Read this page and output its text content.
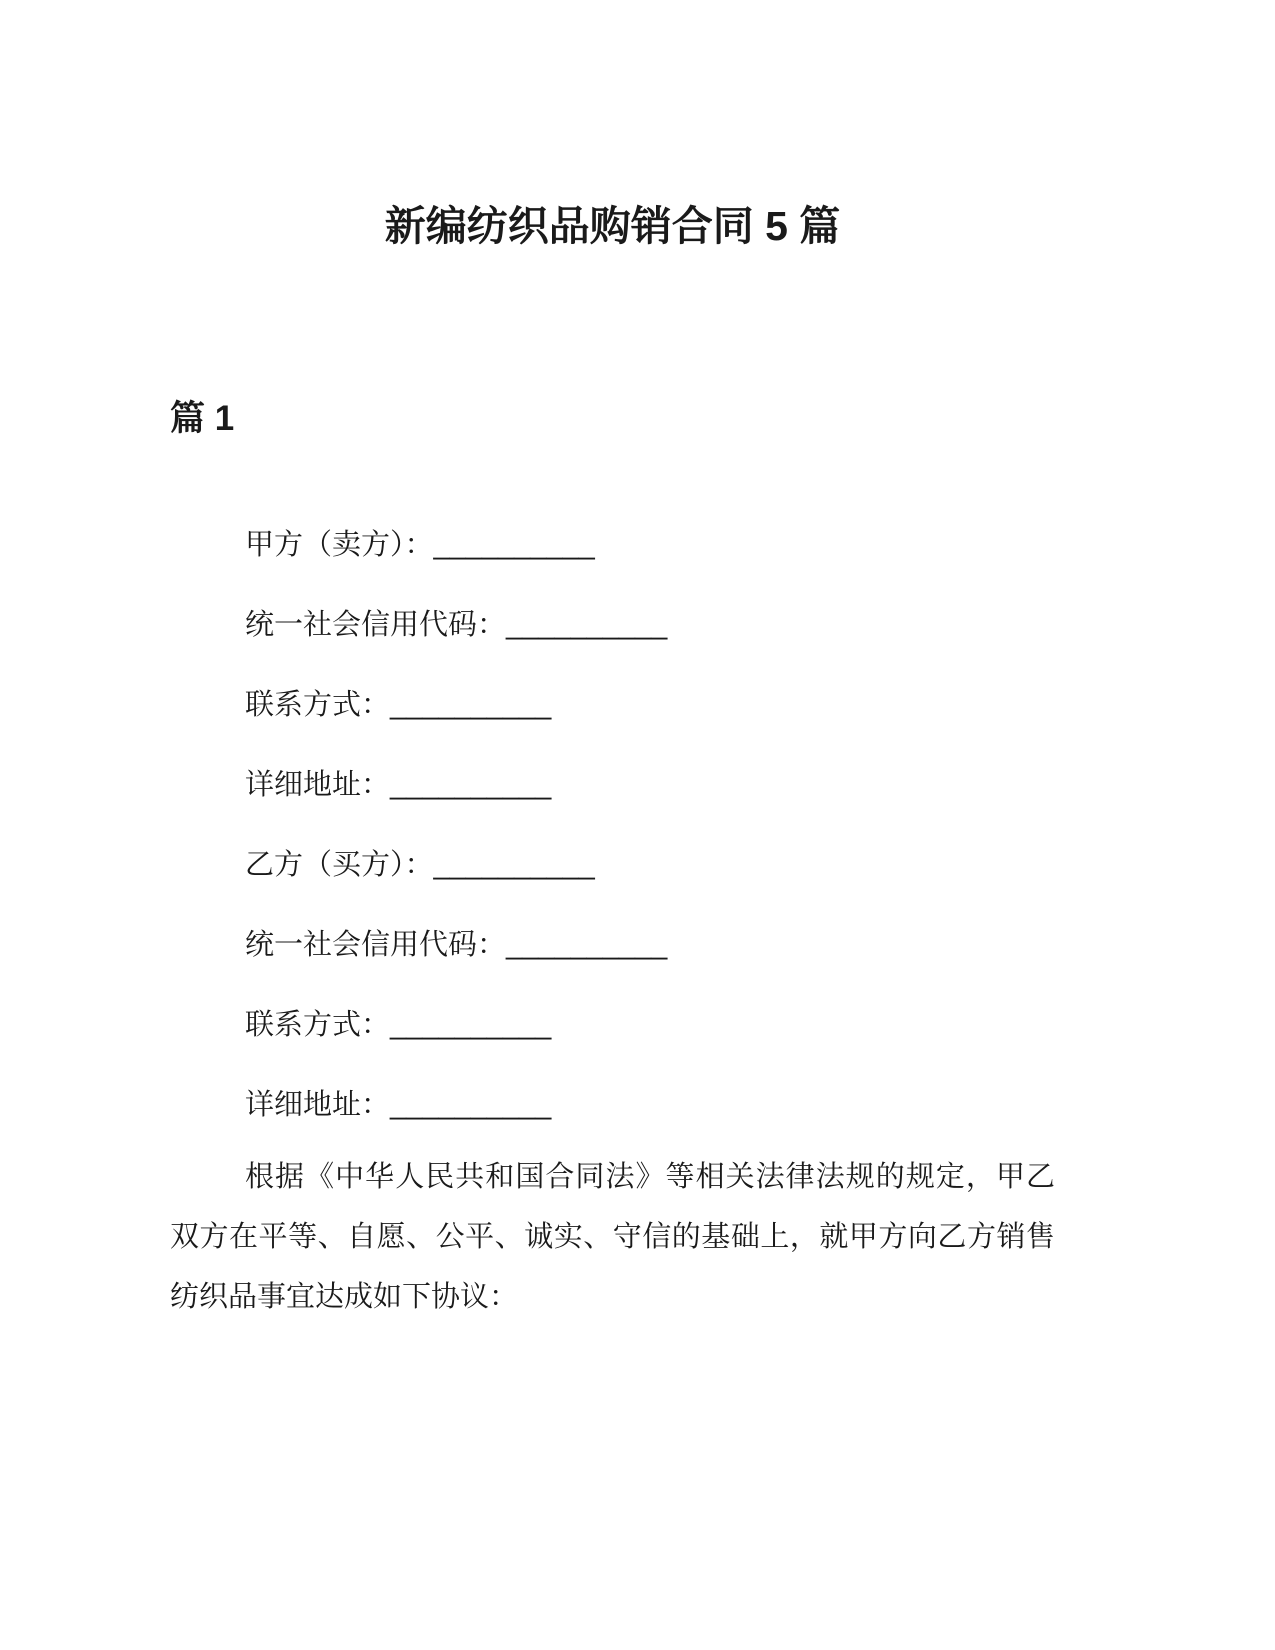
新编纺织品购销合同 5 篇
篇 1

甲方（卖方）：__________

统一社会信用代码：__________

联系方式：__________

详细地址：__________

乙方（买方）：__________

统一社会信用代码：__________

联系方式：__________

详细地址：__________

根据《中华人民共和国合同法》等相关法律法规的规定，甲乙双方在平等、自愿、公平、诚实、守信的基础上，就甲方向乙方销售纺织品事宜达成如下协议：
